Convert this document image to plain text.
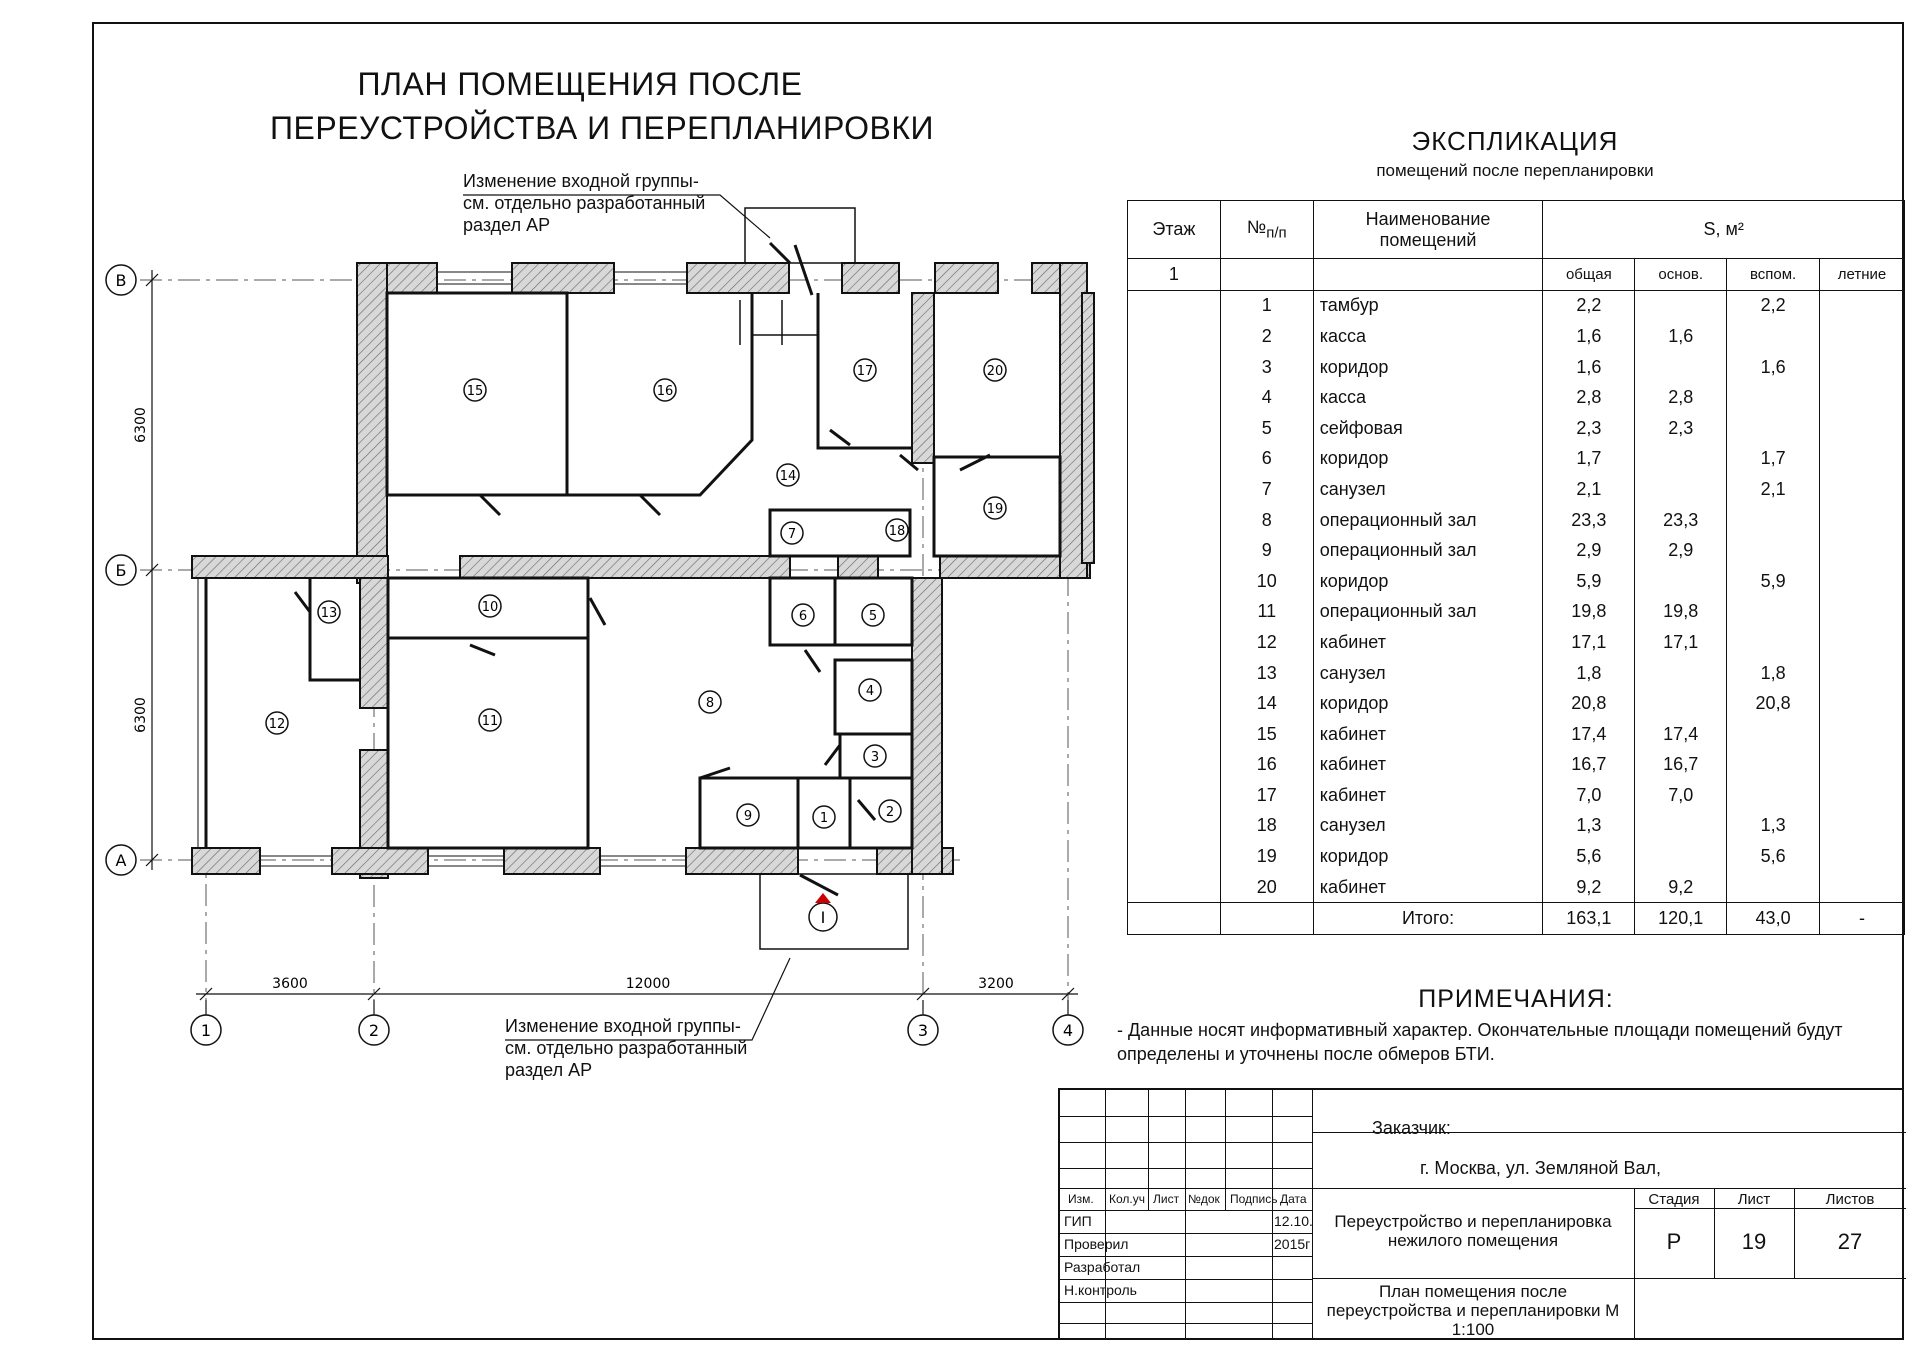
ПЛАН ПОМЕЩЕНИЯ ПОСЛЕ
ПЕРЕУСТРОЙСТВА И ПЕРЕПЛАНИРОВКИ
15	16
17	20
14
19
7	18
13	10
6	5
4
8
11
12
3
2
9	1
I
В
Б
А
6300
6300
3600	12000	3200
1	2	3	4
Изменение входной группы-
см. отдельно разработанный
раздел АР
Изменение входной группы-
см. отдельно разработанный
раздел АР
ЭКСПЛИКАЦИЯ
помещений после перепланировки
Этаж	$№_{п/п}$	Наименование помещений	S, м²			
1			общая	основ.	вспом.	летние
	1	тамбур	2,2		2,2	
	2	касса	1,6	1,6		
	3	коридор	1,6		1,6	
	4	касса	2,8	2,8		
	5	сейфовая	2,3	2,3		
	6	коридор	1,7		1,7	
	7	санузел	2,1		2,1	
	8	операционный зал	23,3	23,3		
	9	операционный зал	2,9	2,9		
	10	коридор	5,9		5,9	
	11	операционный зал	19,8	19,8		
	12	кабинет	17,1	17,1		
	13	санузел	1,8		1,8	
	14	коридор	20,8		20,8	
	15	кабинет	17,4	17,4		
	16	кабинет	16,7	16,7		
	17	кабинет	7,0	7,0		
	18	санузел	1,3		1,3	
	19	коридор	5,6		5,6	
	20	кабинет	9,2	9,2		
		Итого:	163,1	120,1	43,0	-
ПРИМЕЧАНИЯ:
- Данные носят информативный характер. Окончательные площади помещений будут определены и уточнены после обмеров БТИ.
Заказчик:
г. Москва, ул. Земляной Вал,
Изм. Кол.уч Лист №док Подпись Дата
ГИП
Проверил
Разработал
Н.контроль
12.10.
2015г
Переустройство и перепланировка нежилого помещения
План помещения после переустройства и перепланировки М 1:100
Стадия	Лист	Листов
Р	19	27
